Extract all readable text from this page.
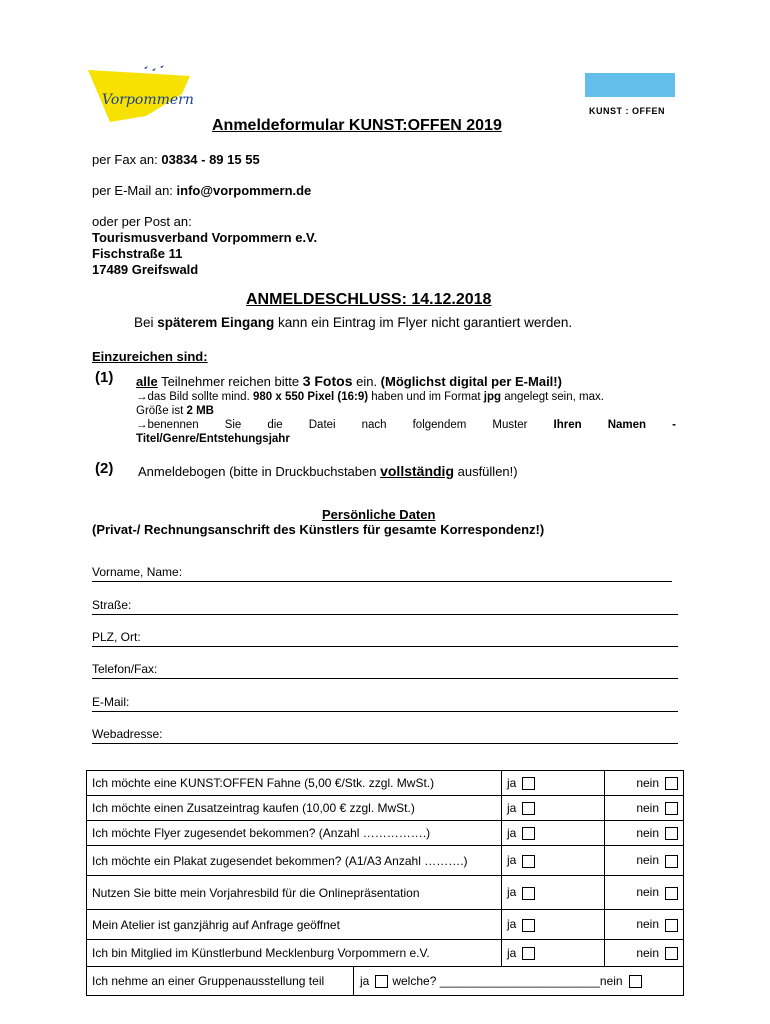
Vorpommern
KUNST : OFFEN
Anmeldeformular KUNST:OFFEN 2019
per Fax an: 03834 - 89 15 55
per E-Mail an: info@vorpommern.de
oder per Post an:
Tourismusverband Vorpommern e.V.
Fischstraße 11
17489 Greifswald
ANMELDESCHLUSS: 14.12.2018
Bei späterem Eingang kann ein Eintrag im Flyer nicht garantiert werden.
Einzureichen sind:
(1) alle Teilnehmer reichen bitte 3 Fotos ein. (Möglichst digital per E-Mail!)
→das Bild sollte mind. 980 x 550 Pixel (16:9) haben und im Format jpg angelegt sein, max.
Größe ist 2 MB
→benennen Sie die Datei nach folgendem Muster Ihren Namen -
Titel/Genre/Entstehungsjahr
(2) Anmeldebogen (bitte in Druckbuchstaben vollständig ausfüllen!)
Persönliche Daten
(Privat-/ Rechnungsanschrift des Künstlers für gesamte Korrespondenz!)
Vorname, Name:
Straße:
PLZ, Ort:
Telefon/Fax:
E-Mail:
Webadresse:
Ich möchte eine KUNST:OFFEN Fahne (5,00 €/Stk. zzgl. MwSt.)	ja	nein
Ich möchte einen Zusatzeintrag kaufen (10,00 € zzgl. MwSt.)	ja	nein
Ich möchte Flyer zugesendet bekommen? (Anzahl …………….)	ja	nein
Ich möchte ein Plakat zugesendet bekommen? (A1/A3 Anzahl ……….)	ja	nein
Nutzen Sie bitte mein Vorjahresbild für die Onlinepräsentation	ja	nein
Mein Atelier ist ganzjährig auf Anfrage geöffnet	ja	nein
Ich bin Mitglied im Künstlerbund Mecklenburg Vorpommern e.V.	ja	nein

Ich nehme an einer Gruppenausstellung teil ja welche? ________________________nein		
